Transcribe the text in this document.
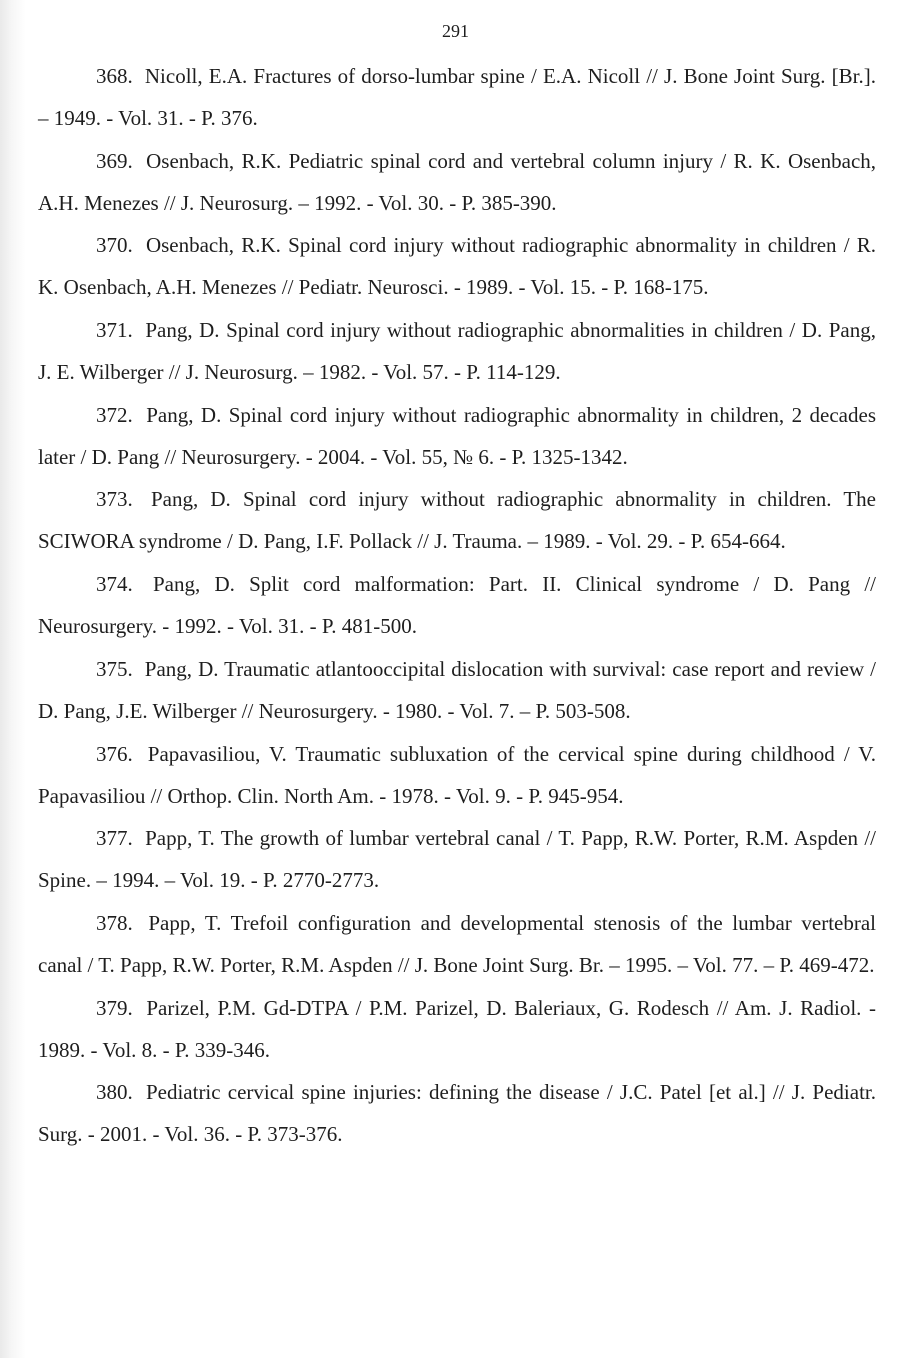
291

368. Nicoll, E.A. Fractures of dorso-lumbar spine / E.A. Nicoll // J. Bone Joint Surg. [Br.]. – 1949. - Vol. 31. - P. 376.

369. Osenbach, R.K. Pediatric spinal cord and vertebral column injury / R. K. Osenbach, A.H. Menezes // J. Neurosurg. – 1992. - Vol. 30. - P. 385-390.

370. Osenbach, R.K. Spinal cord injury without radiographic abnormality in children / R. K. Osenbach, A.H. Menezes // Pediatr. Neurosci. - 1989. - Vol. 15. - P. 168-175.

371. Pang, D. Spinal cord injury without radiographic abnormalities in children / D. Pang, J. E. Wilberger // J. Neurosurg. – 1982. - Vol. 57. - P. 114-129.

372. Pang, D. Spinal cord injury without radiographic abnormality in children, 2 decades later / D. Pang // Neurosurgery. - 2004. - Vol. 55, № 6. - P. 1325-1342.

373. Pang, D. Spinal cord injury without radiographic abnormality in children. The SCIWORA syndrome / D. Pang, I.F. Pollack // J. Trauma. – 1989. - Vol. 29. - P. 654-664.

374. Pang, D. Split cord malformation: Part. II. Clinical syndrome / D. Pang // Neurosurgery. - 1992. - Vol. 31. - P. 481-500.

375. Pang, D. Traumatic atlantooccipital dislocation with survival: case report and review / D. Pang, J.E. Wilberger // Neurosurgery. - 1980. - Vol. 7. – P. 503-508.

376. Papavasiliou, V. Traumatic subluxation of the cervical spine during childhood / V. Papavasiliou // Orthop. Clin. North Am. - 1978. - Vol. 9. - P. 945-954.

377. Papp, T. The growth of lumbar vertebral canal / T. Papp, R.W. Porter, R.M. Aspden // Spine. – 1994. – Vol. 19. - P. 2770-2773.

378. Papp, T. Trefoil configuration and developmental stenosis of the lumbar vertebral canal / T. Papp, R.W. Porter, R.M. Aspden // J. Bone Joint Surg. Br. – 1995. – Vol. 77. – P. 469-472.

379. Parizel, P.M. Gd-DTPA / P.M. Parizel, D. Baleriaux, G. Rodesch // Am. J. Radiol. - 1989. - Vol. 8. - P. 339-346.

380. Pediatric cervical spine injuries: defining the disease / J.C. Patel [et al.] // J. Pediatr. Surg. - 2001. - Vol. 36. - P. 373-376.
